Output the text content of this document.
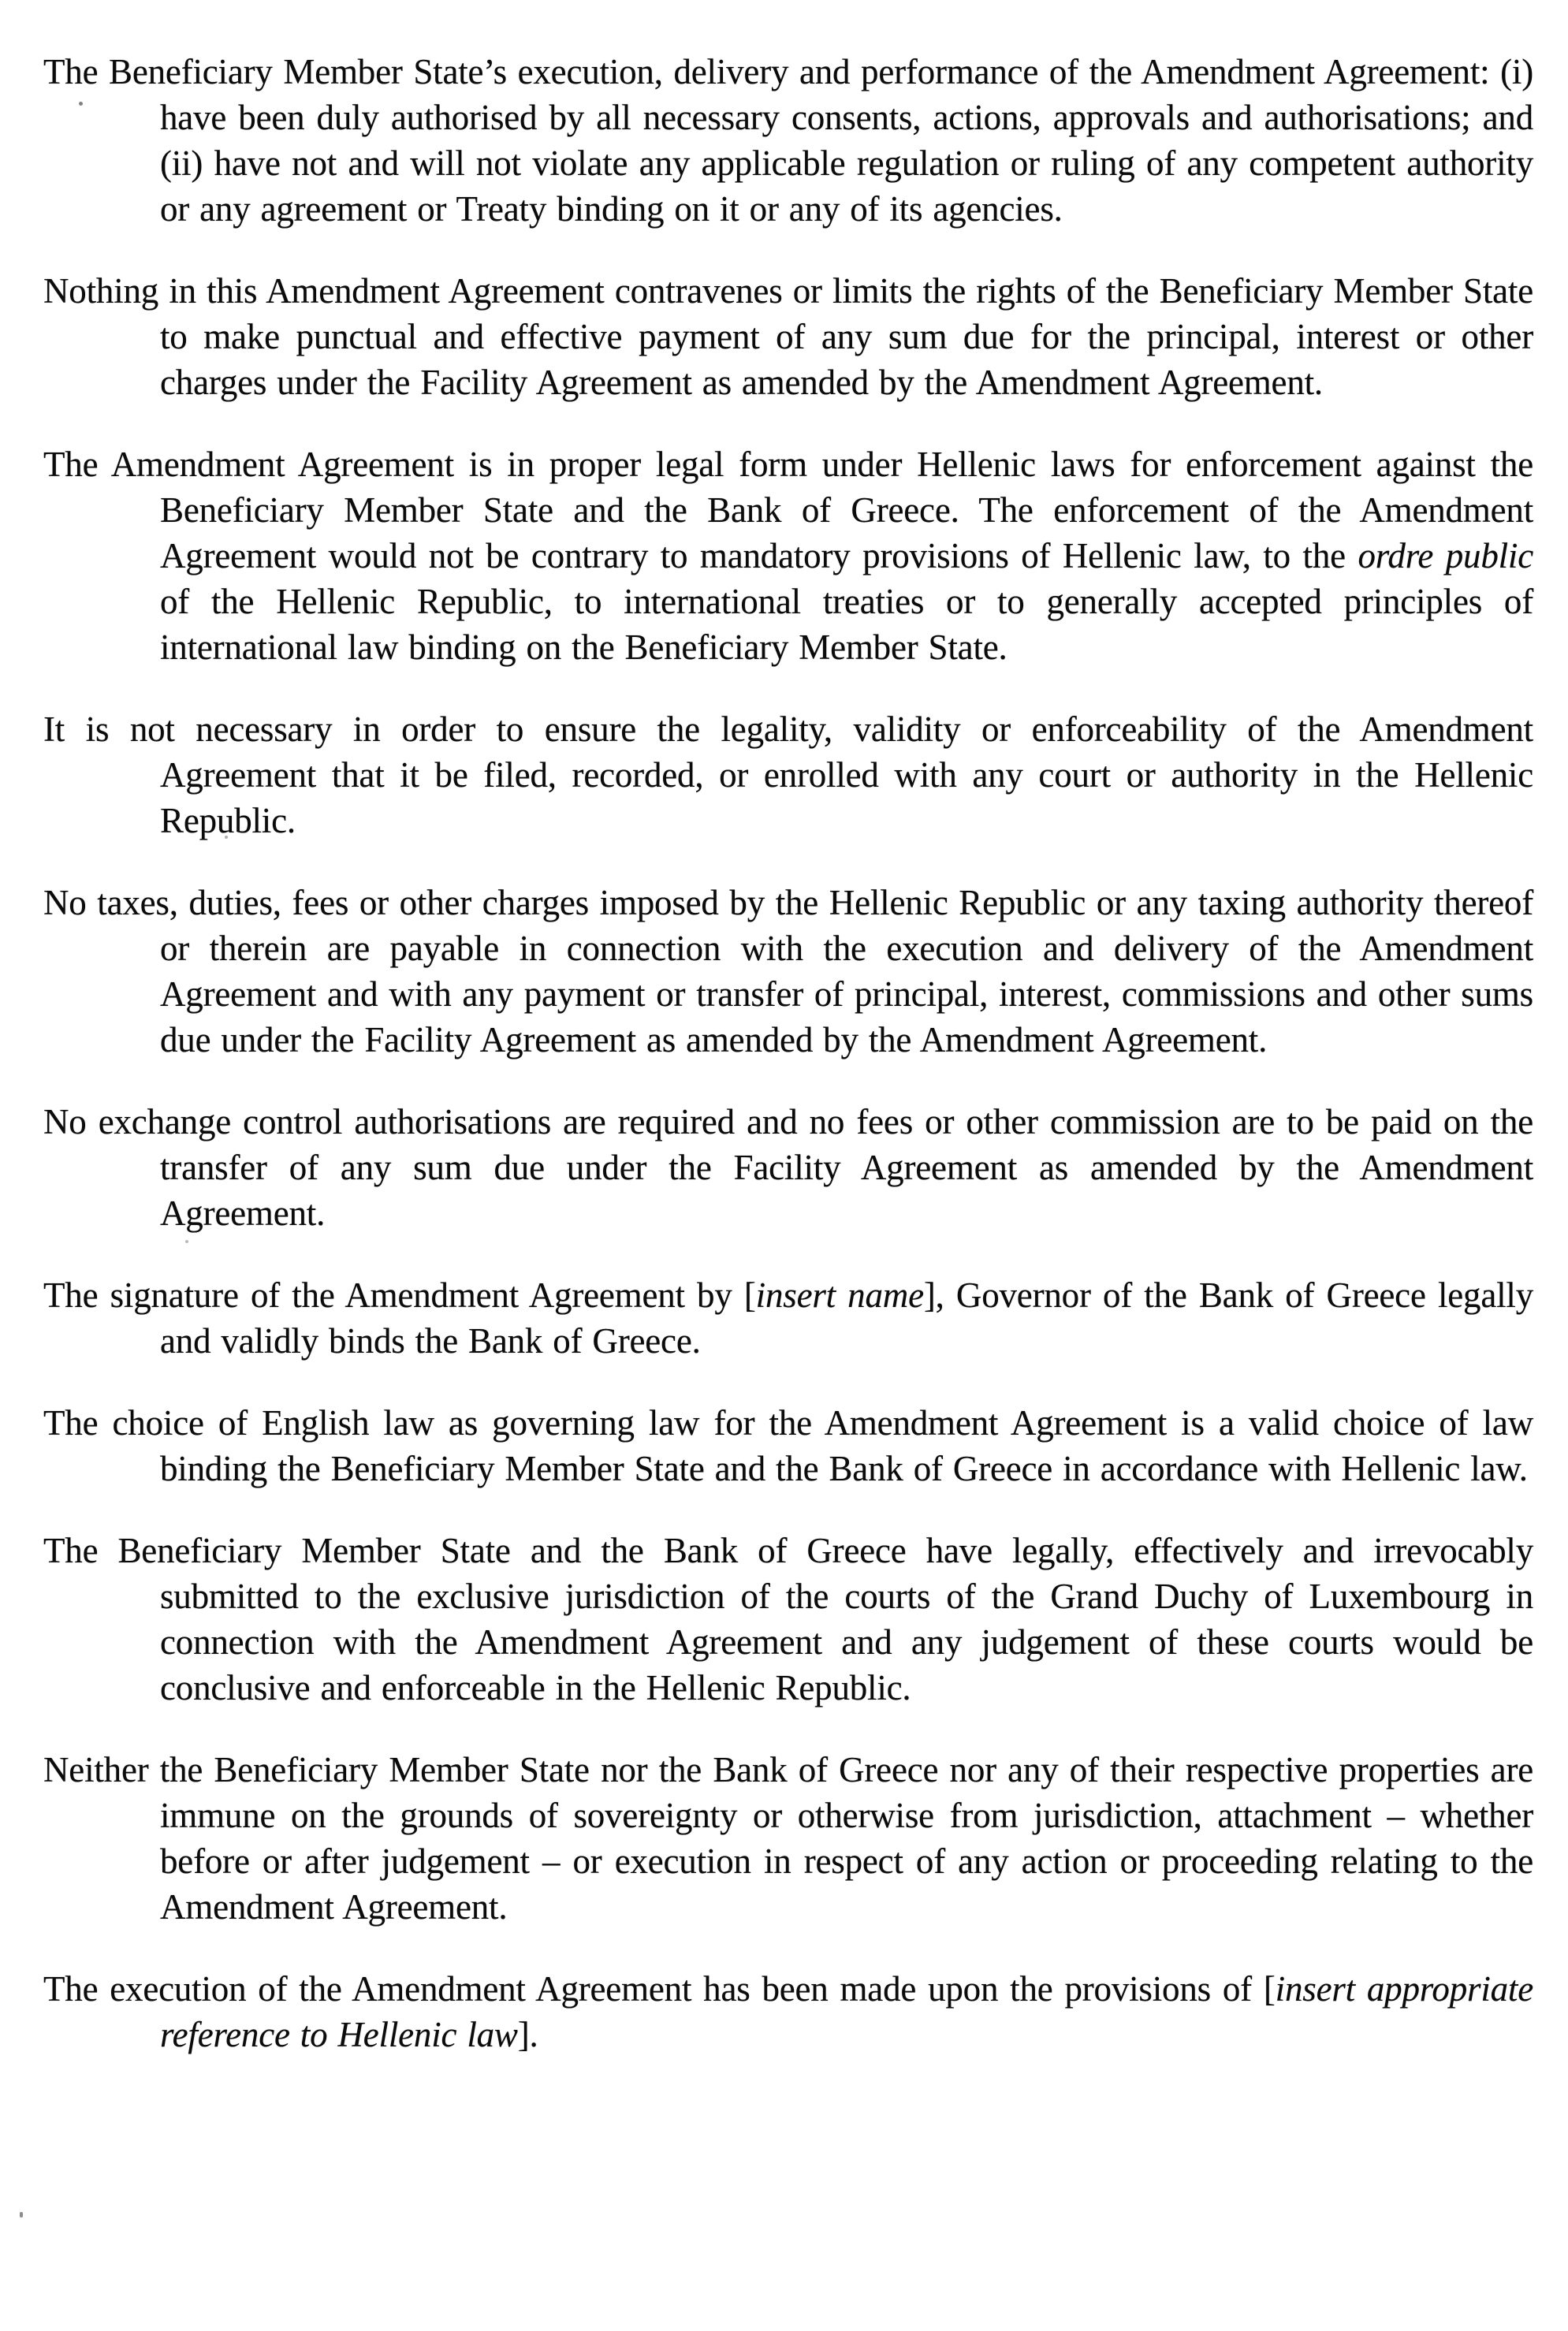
The Beneficiary Member State’s execution, delivery and performance of the Amendment Agreement: (i) have been duly authorised by all necessary consents, actions, approvals and authorisations; and (ii) have not and will not violate any applicable regulation or ruling of any competent authority or any agreement or Treaty binding on it or any of its agencies.

Nothing in this Amendment Agreement contravenes or limits the rights of the Beneficiary Member State to make punctual and effective payment of any sum due for the principal, interest or other charges under the Facility Agreement as amended by the Amendment Agreement.

The Amendment Agreement is in proper legal form under Hellenic laws for enforcement against the Beneficiary Member State and the Bank of Greece. The enforcement of the Amendment Agreement would not be contrary to mandatory provisions of Hellenic law, to the ordre public of the Hellenic Republic, to international treaties or to generally accepted principles of international law binding on the Beneficiary Member State.

It is not necessary in order to ensure the legality, validity or enforceability of the Amendment Agreement that it be filed, recorded, or enrolled with any court or authority in the Hellenic Republic.

No taxes, duties, fees or other charges imposed by the Hellenic Republic or any taxing authority thereof or therein are payable in connection with the execution and delivery of the Amendment Agreement and with any payment or transfer of principal, interest, commissions and other sums due under the Facility Agreement as amended by the Amendment Agreement.

No exchange control authorisations are required and no fees or other commission are to be paid on the transfer of any sum due under the Facility Agreement as amended by the Amendment Agreement.

The signature of the Amendment Agreement by [insert name], Governor of the Bank of Greece legally and validly binds the Bank of Greece.

The choice of English law as governing law for the Amendment Agreement is a valid choice of law binding the Beneficiary Member State and the Bank of Greece in accordance with Hellenic law.

The Beneficiary Member State and the Bank of Greece have legally, effectively and irrevocably submitted to the exclusive jurisdiction of the courts of the Grand Duchy of Luxembourg in connection with the Amendment Agreement and any judgement of these courts would be conclusive and enforceable in the Hellenic Republic.

Neither the Beneficiary Member State nor the Bank of Greece nor any of their respective properties are immune on the grounds of sovereignty or otherwise from jurisdiction, attachment – whether before or after judgement – or execution in respect of any action or proceeding relating to the Amendment Agreement.

The execution of the Amendment Agreement has been made upon the provisions of [insert appropriate reference to Hellenic law].
